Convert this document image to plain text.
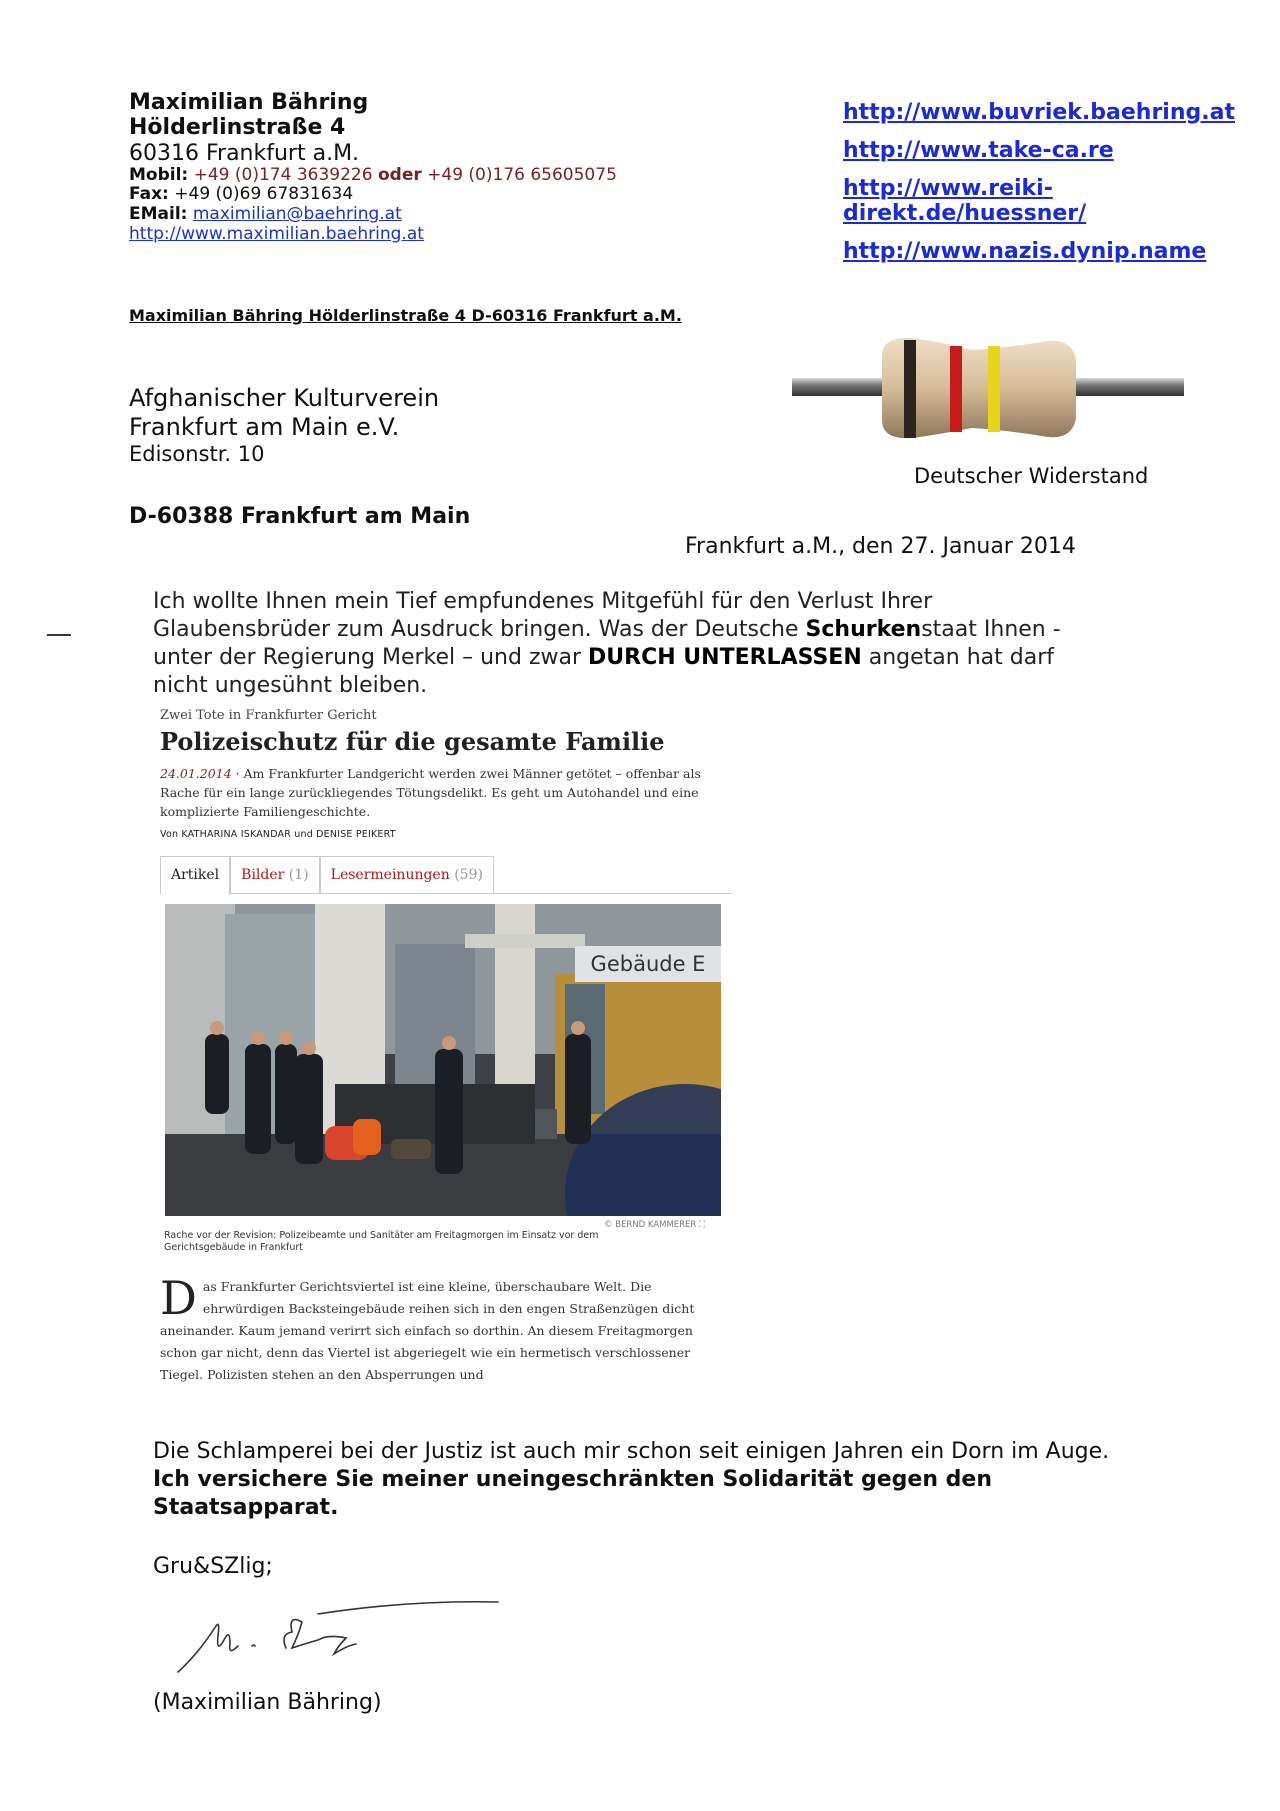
Maximilian Bähring
Hölderlinstraße 4
60316 Frankfurt a.M.
Mobil: +49 (0)174 3639226 oder +49 (0)176 65605075
Fax: +49 (0)69 67831634
EMail: maximilian@baehring.at
http://www.maximilian.baehring.at
http://www.buvriek.baehring.at
http://www.take-ca.re
http://www.reiki-direkt.de/huessner/
http://www.nazis.dynip.name
Maximilian Bähring Hölderlinstraße 4 D-60316 Frankfurt a.M.
Deutscher Widerstand
Afghanischer Kulturverein
Frankfurt am Main e.V.
Edisonstr. 10
D-60388 Frankfurt am Main
Frankfurt a.M., den 27. Januar 2014
Ich wollte Ihnen mein Tief empfundenes Mitgefühl für den Verlust Ihrer Glaubensbrüder zum Ausdruck bringen. Was der Deutsche Schurkenstaat Ihnen - unter der Regierung Merkel – und zwar DURCH UNTERLASSEN angetan hat darf nicht ungesühnt bleiben.
Zwei Tote in Frankfurter Gericht
Polizeischutz für die gesamte Familie
24.01.2014 · Am Frankfurter Landgericht werden zwei Männer getötet – offenbar als Rache für ein lange zurückliegendes Tötungsdelikt. Es geht um Autohandel und eine komplizierte Familiengeschichte.
Von KATHARINA ISKANDAR und DENISE PEIKERT
Artikel	Bilder (1)	Lesermeinungen (59)
Gebäude E
© BERND KAMMERER ⛶
Rache vor der Revision: Polizeibeamte und Sanitäter am Freitagmorgen im Einsatz vor dem Gerichtsgebäude in Frankfurt
Das Frankfurter Gerichtsviertel ist eine kleine, überschaubare Welt. Die ehrwürdigen Backsteingebäude reihen sich in den engen Straßenzügen dicht aneinander. Kaum jemand verirrt sich einfach so dorthin. An diesem Freitagmorgen schon gar nicht, denn das Viertel ist abgeriegelt wie ein hermetisch verschlossener Tiegel. Polizisten stehen an den Absperrungen und
Die Schlamperei bei der Justiz ist auch mir schon seit einigen Jahren ein Dorn im Auge.
Ich versichere Sie meiner uneingeschränkten Solidarität gegen den Staatsapparat.
Gru&SZlig;
(Maximilian Bähring)
